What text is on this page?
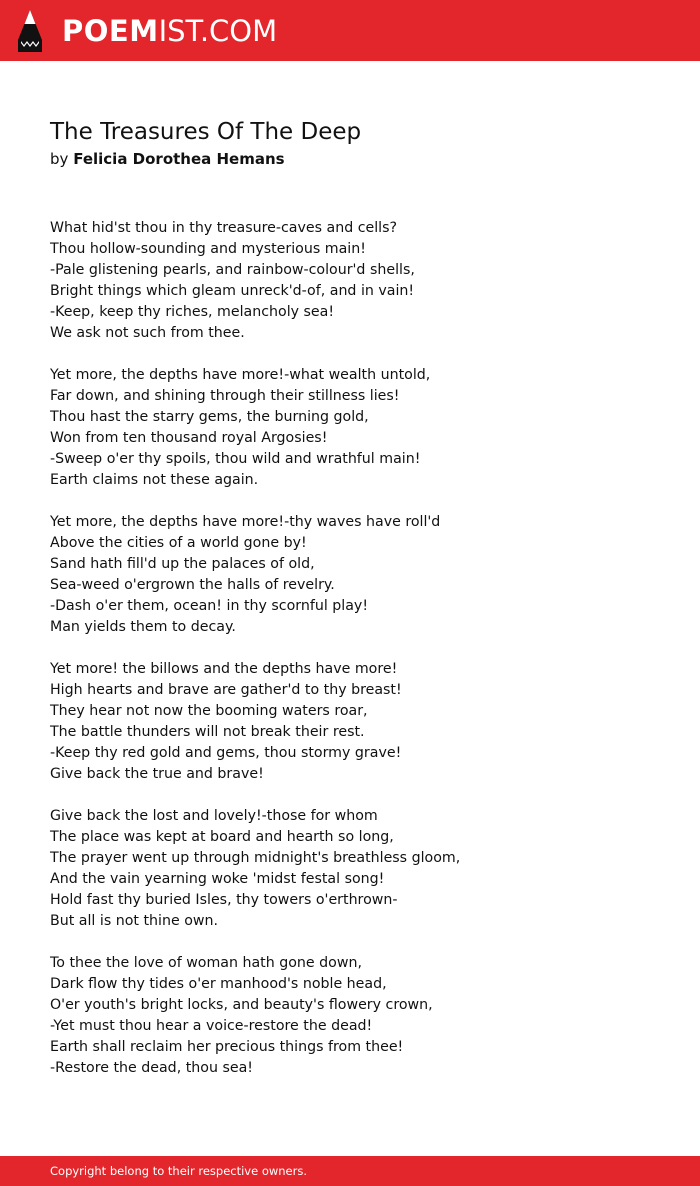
POEMIST.COM
The Treasures Of The Deep
by Felicia Dorothea Hemans
What hid'st thou in thy treasure-caves and cells?
Thou hollow-sounding and mysterious main!
-Pale glistening pearls, and rainbow-colour'd shells,
Bright things which gleam unreck'd-of, and in vain!
-Keep, keep thy riches, melancholy sea!
We ask not such from thee.
Yet more, the depths have more!-what wealth untold,
Far down, and shining through their stillness lies!
Thou hast the starry gems, the burning gold,
Won from ten thousand royal Argosies!
-Sweep o'er thy spoils, thou wild and wrathful main!
Earth claims not these again.
Yet more, the depths have more!-thy waves have roll'd
Above the cities of a world gone by!
Sand hath fill'd up the palaces of old,
Sea-weed o'ergrown the halls of revelry.
-Dash o'er them, ocean! in thy scornful play!
Man yields them to decay.
Yet more! the billows and the depths have more!
High hearts and brave are gather'd to thy breast!
They hear not now the booming waters roar,
The battle thunders will not break their rest.
-Keep thy red gold and gems, thou stormy grave!
Give back the true and brave!
Give back the lost and lovely!-those for whom
The place was kept at board and hearth so long,
The prayer went up through midnight's breathless gloom,
And the vain yearning woke 'midst festal song!
Hold fast thy buried Isles, thy towers o'erthrown-
But all is not thine own.
To thee the love of woman hath gone down,
Dark flow thy tides o'er manhood's noble head,
O'er youth's bright locks, and beauty's flowery crown,
-Yet must thou hear a voice-restore the dead!
Earth shall reclaim her precious things from thee!
-Restore the dead, thou sea!
Copyright belong to their respective owners.
